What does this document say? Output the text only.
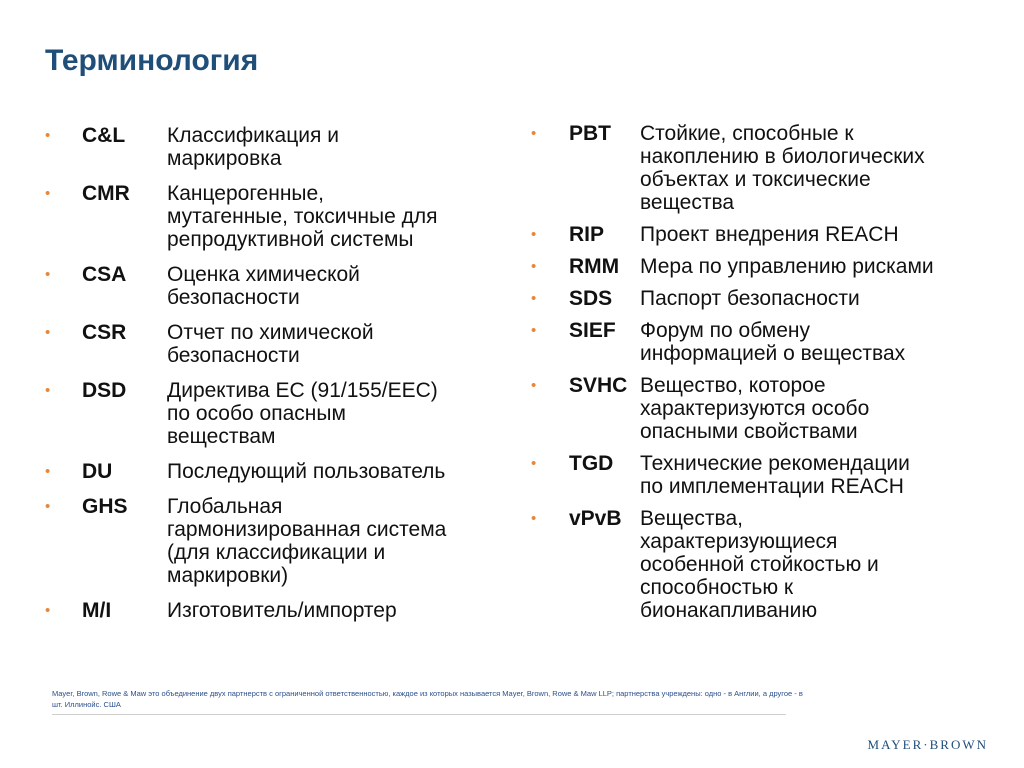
Терминология
•	C&L	Классификация и
маркировка
•	CMR	Канцерогенные,
мутагенные, токсичные для
репродуктивной системы
•	CSA	Оценка химической
безопасности
•	CSR	Отчет по химической
безопасности
•	DSD	Директива ЕС (91/155/ЕЕС)
по особо опасным
веществам
•	DU	Последующий пользователь
•	GHS	Глобальная
гармонизированная система
(для классификации и
маркировки)
•	M/I	Изготовитель/импортер
•	PBT	Стойкие, способные к
накоплению в биологических
объектах и токсические
вещества
•	RIP	Проект внедрения REACH
•	RMM Мера по управлению рисками
•	SDS	Паспорт безопасности
•	SIEF	Форум по обмену
информацией о веществах
•	SVHC Вещество, которое
характеризуются особо
опасными свойствами
•	TGD	Технические рекомендации
по имплементации REACH
•	vPvB Вещества,
характеризующиеся
особенной стойкостью и
способностью к
бионакапливанию
Mayer, Brown, Rowe & Maw это объединение двух партнерств с ограниченной ответственностью, каждое из которых называется Mayer, Brown, Rowe & Maw LLP; партнерства учреждены: одно - в Англии, а другое - в шт. Иллинойс. США
MAYER·BROWN
